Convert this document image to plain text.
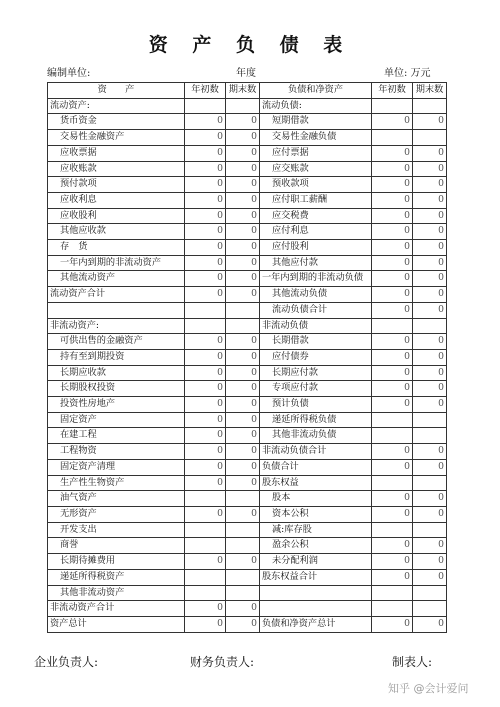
资 产 负 债 表
编制单位:	年度	单位: 万元
资　　产	年初数	期末数	负债和净资产	年初数	期末数
流动资产:			流动负债:		
货币资金	0	0	短期借款	0	0
交易性金融资产	0	0	交易性金融负债		
应收票据	0	0	应付票据	0	0
应收账款	0	0	应交账款	0	0
预付款项	0	0	预收款项	0	0
应收利息	0	0	应付职工薪酬	0	0
应收股利	0	0	应交税费	0	0
其他应收款	0	0	应付利息	0	0
存　货	0	0	应付股利	0	0
一年内到期的非流动资产	0	0	其他应付款	0	0
其他流动资产	0	0	一年内到期的非流动负债	0	0
流动资产合计	0	0	其他流动负债	0	0
			流动负债合计	0	0
非流动资产:			非流动负债		
可供出售的金融资产	0	0	长期借款	0	0
持有至到期投资	0	0	应付债券	0	0
长期应收款	0	0	长期应付款	0	0
长期股权投资	0	0	专项应付款	0	0
投资性房地产	0	0	预计负债	0	0
固定资产	0	0	递延所得税负债		
在建工程	0	0	其他非流动负债		
工程物资	0	0	非流动负债合计	0	0
固定资产清理	0	0	负债合计	0	0
生产性生物资产	0	0	股东权益		
油气资产			股本	0	0
无形资产	0	0	资本公积	0	0
开发支出			减:库存股		
商誉			盈余公积	0	0
长期待摊费用	0	0	未分配利润	0	0
递延所得税资产			股东权益合计	0	0
其他非流动资产					
非流动资产合计	0	0			
资产总计	0	0	负债和净资产总计	0	0
企业负责人:	财务负责人:	制表人:
知乎 @会计爱问
